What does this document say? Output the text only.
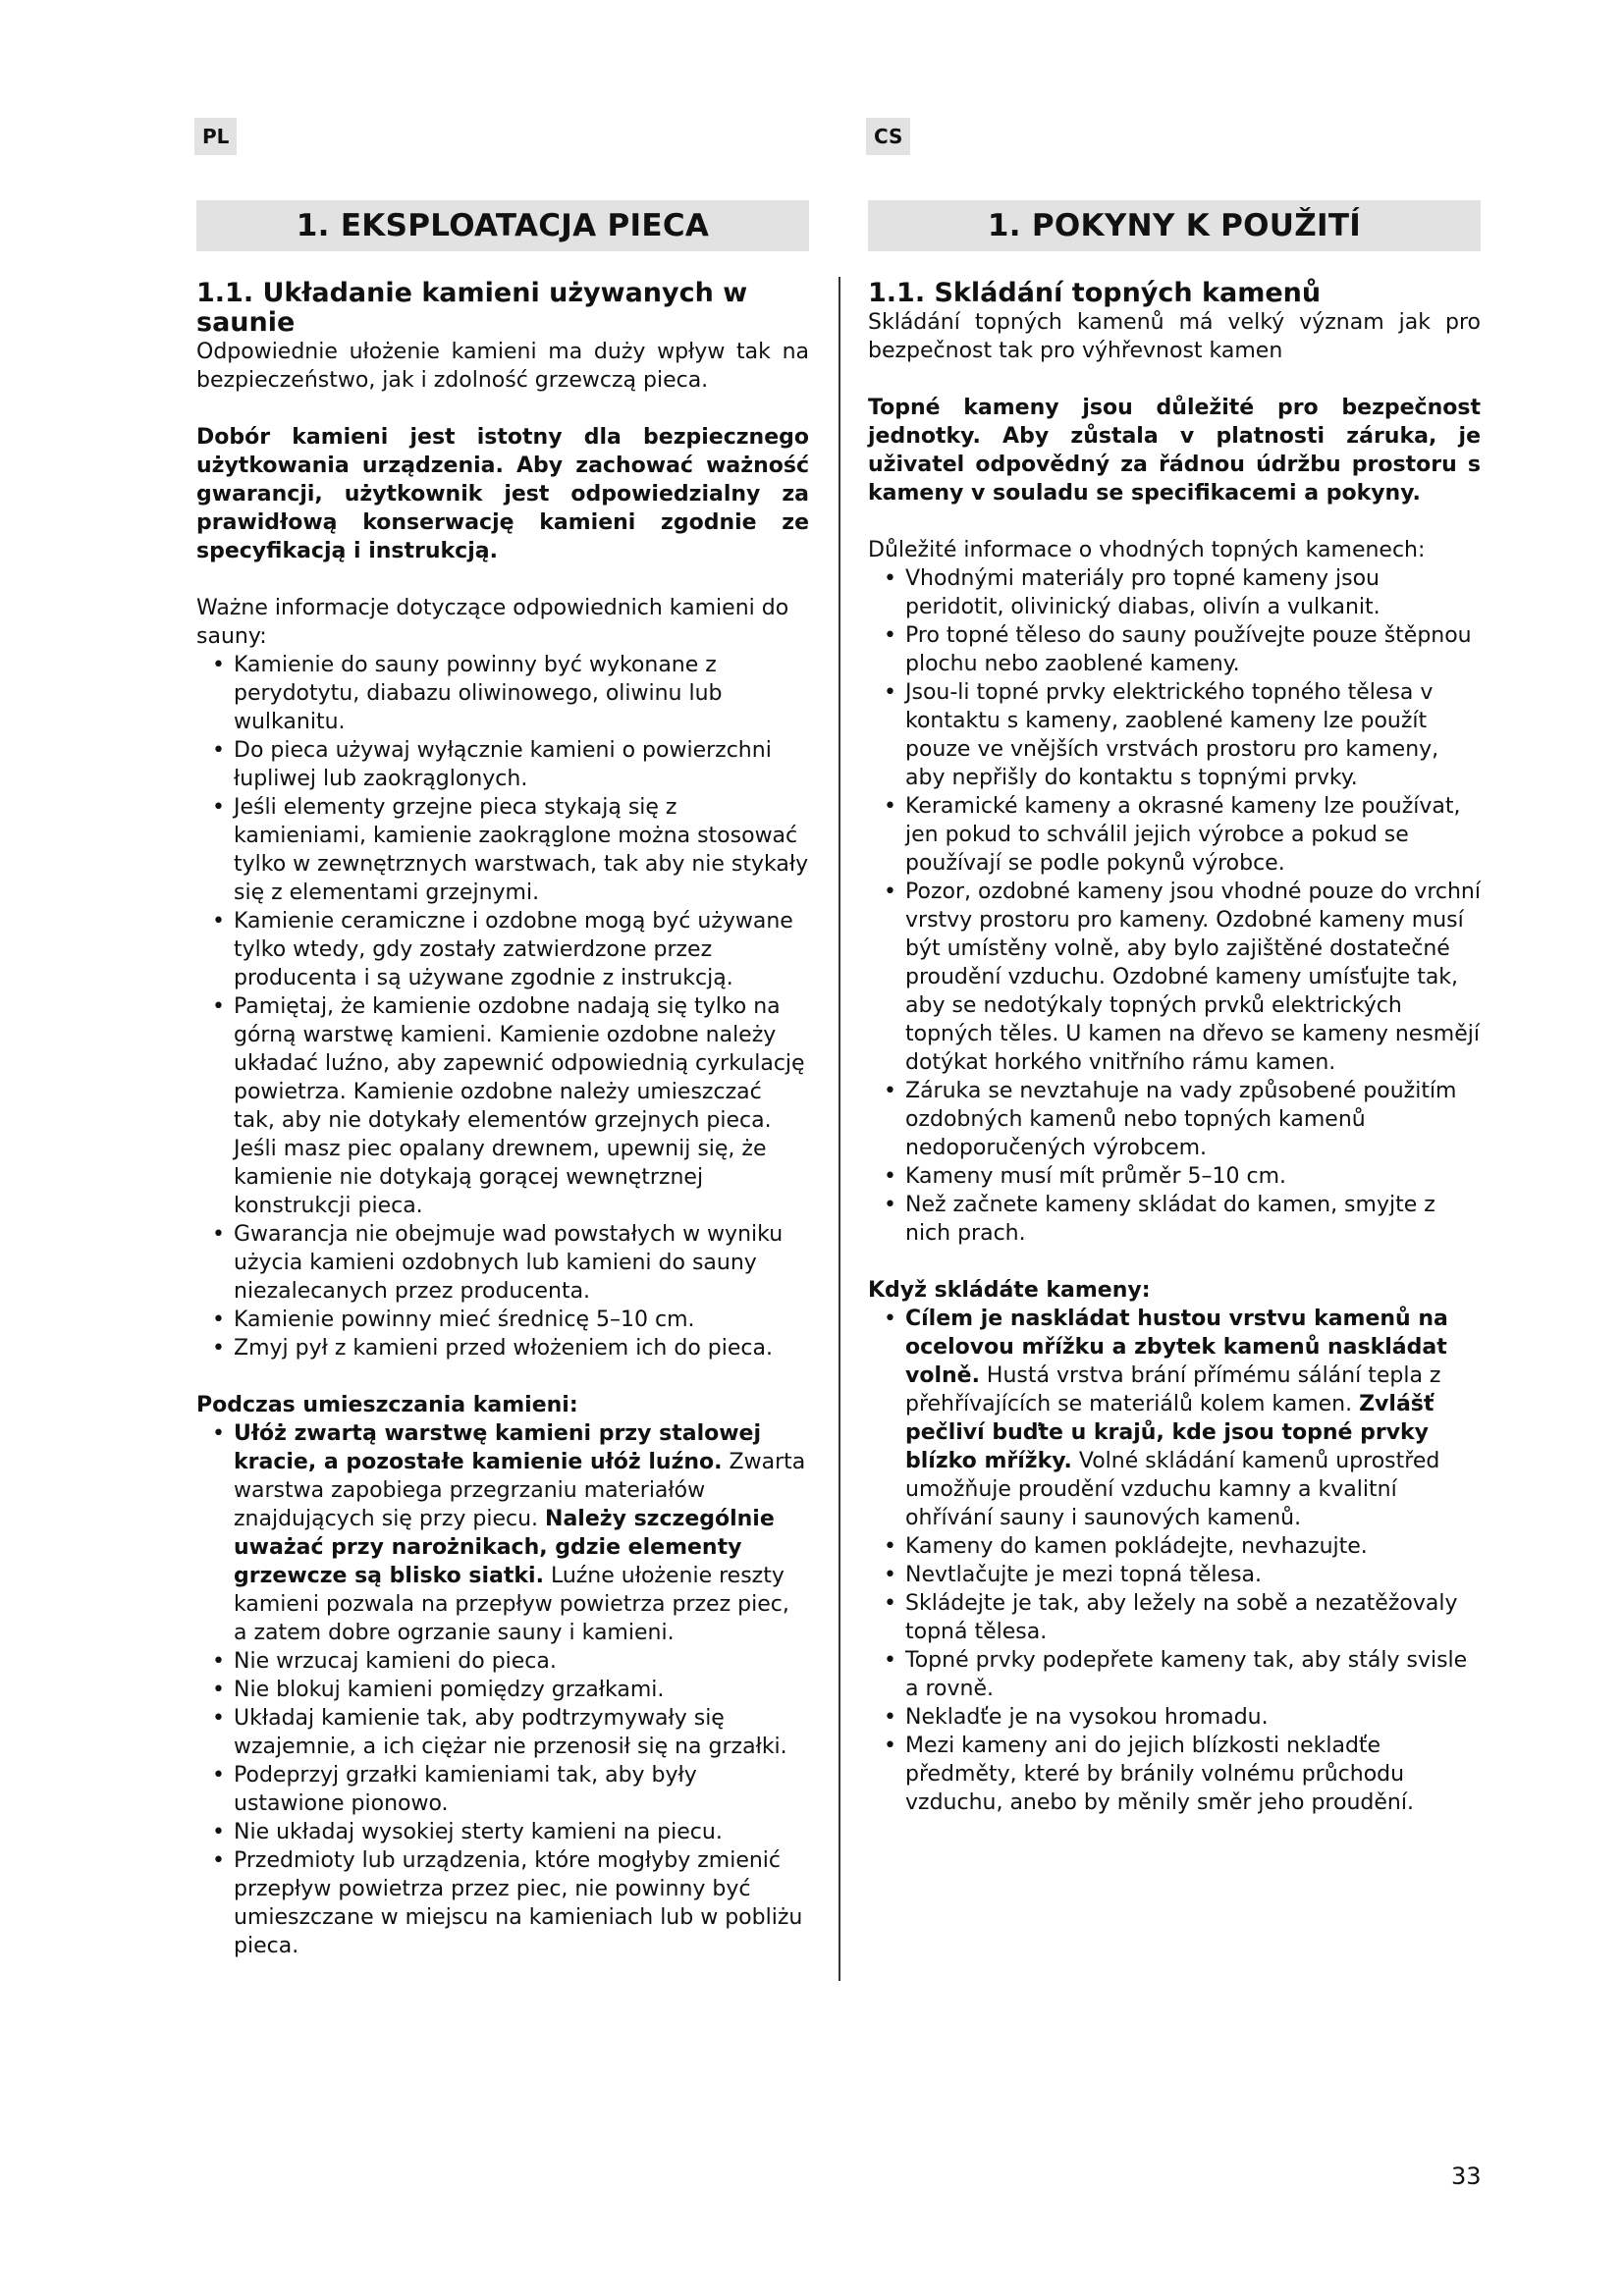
PL	CS
1. EKSPLOATACJA PIECA
1.1. Układanie kamieni używanych w saunie

Odpowiednie ułożenie kamieni ma duży wpływ tak na bezpieczeństwo, jak i zdolność grzewczą pieca.

Dobór kamieni jest istotny dla bezpiecznego użytkowania urządzenia. Aby zachować ważność gwarancji, użytkownik jest odpowiedzialny za prawidłową konserwację kamieni zgodnie ze specyfikacją i instrukcją.

Ważne informacje dotyczące odpowiednich kamieni do sauny:

• Kamienie do sauny powinny być wykonane z perydotytu, diabazu oliwinowego, oliwinu lub wulkanitu.
• Do pieca używaj wyłącznie kamieni o powierzchni łupliwej lub zaokrąglonych.
• Jeśli elementy grzejne pieca stykają się z kamieniami, kamienie zaokrąglone można stosować tylko w zewnętrznych warstwach, tak aby nie stykały się z elementami grzejnymi.
• Kamienie ceramiczne i ozdobne mogą być używane tylko wtedy, gdy zostały zatwierdzone przez producenta i są używane zgodnie z instrukcją.
• Pamiętaj, że kamienie ozdobne nadają się tylko na górną warstwę kamieni. Kamienie ozdobne należy układać luźno, aby zapewnić odpowiednią cyrkulację powietrza. Kamienie ozdobne należy umieszczać tak, aby nie dotykały elementów grzejnych pieca. Jeśli masz piec opalany drewnem, upewnij się, że kamienie nie dotykają gorącej wewnętrznej konstrukcji pieca.
• Gwarancja nie obejmuje wad powstałych w wyniku użycia kamieni ozdobnych lub kamieni do sauny niezalecanych przez producenta.
• Kamienie powinny mieć średnicę 5–10 cm.
• Zmyj pył z kamieni przed włożeniem ich do pieca.

Podczas umieszczania kamieni:

• Ułóż zwartą warstwę kamieni przy stalowej kracie, a pozostałe kamienie ułóż luźno. Zwarta warstwa zapobiega przegrzaniu materiałów znajdujących się przy piecu. Należy szczególnie uważać przy narożnikach, gdzie elementy grzewcze są blisko siatki. Luźne ułożenie reszty kamieni pozwala na przepływ powietrza przez piec, a zatem dobre ogrzanie sauny i kamieni.
• Nie wrzucaj kamieni do pieca.
• Nie blokuj kamieni pomiędzy grzałkami.
• Układaj kamienie tak, aby podtrzymywały się wzajemnie, a ich ciężar nie przenosił się na grzałki.
• Podeprzyj grzałki kamieniami tak, aby były ustawione pionowo.
• Nie układaj wysokiej sterty kamieni na piecu.
• Przedmioty lub urządzenia, które mogłyby zmienić przepływ powietrza przez piec, nie powinny być umieszczane w miejscu na kamieniach lub w pobliżu pieca.
1. POKYNY K POUŽITÍ
1.1. Skládání topných kamenů

Skládání topných kamenů má velký význam jak pro bezpečnost tak pro výhřevnost kamen

Topné kameny jsou důležité pro bezpečnost jednotky. Aby zůstala v platnosti záruka, je uživatel odpovědný za řádnou údržbu prostoru s kameny v souladu se specifikacemi a pokyny.

Důležité informace o vhodných topných kamenech:

• Vhodnými materiály pro topné kameny jsou peridotit, olivinický diabas, olivín a vulkanit.
• Pro topné těleso do sauny používejte pouze štěpnou plochu nebo zaoblené kameny.
• Jsou-li topné prvky elektrického topného tělesa v kontaktu s kameny, zaoblené kameny lze použít pouze ve vnějších vrstvách prostoru pro kameny, aby nepřišly do kontaktu s topnými prvky.
• Keramické kameny a okrasné kameny lze používat, jen pokud to schválil jejich výrobce a pokud se používají se podle pokynů výrobce.
• Pozor, ozdobné kameny jsou vhodné pouze do vrchní vrstvy prostoru pro kameny. Ozdobné kameny musí být umístěny volně, aby bylo zajištěné dostatečné proudění vzduchu. Ozdobné kameny umísťujte tak, aby se nedotýkaly topných prvků elektrických topných těles. U kamen na dřevo se kameny nesmějí dotýkat horkého vnitřního rámu kamen.
• Záruka se nevztahuje na vady způsobené použitím ozdobných kamenů nebo topných kamenů nedoporučených výrobcem.
• Kameny musí mít průměr 5–10 cm.
• Než začnete kameny skládat do kamen, smyjte z nich prach.

Když skládáte kameny:

• Cílem je naskládat hustou vrstvu kamenů na ocelovou mřížku a zbytek kamenů naskládat volně. Hustá vrstva brání přímému sálání tepla z přehřívajících se materiálů kolem kamen. Zvlášť pečliví buďte u krajů, kde jsou topné prvky blízko mřížky. Volné skládání kamenů uprostřed umožňuje proudění vzduchu kamny a kvalitní ohřívání sauny i saunových kamenů.
• Kameny do kamen pokládejte, nevhazujte.
• Nevtlačujte je mezi topná tělesa.
• Skládejte je tak, aby ležely na sobě a nezatěžovaly topná tělesa.
• Topné prvky podepřete kameny tak, aby stály svisle a rovně.
• Nekladťe je na vysokou hromadu.
• Mezi kameny ani do jejich blízkosti nekladťe předměty, které by bránily volnému průchodu vzduchu, anebo by měnily směr jeho proudění.
33
